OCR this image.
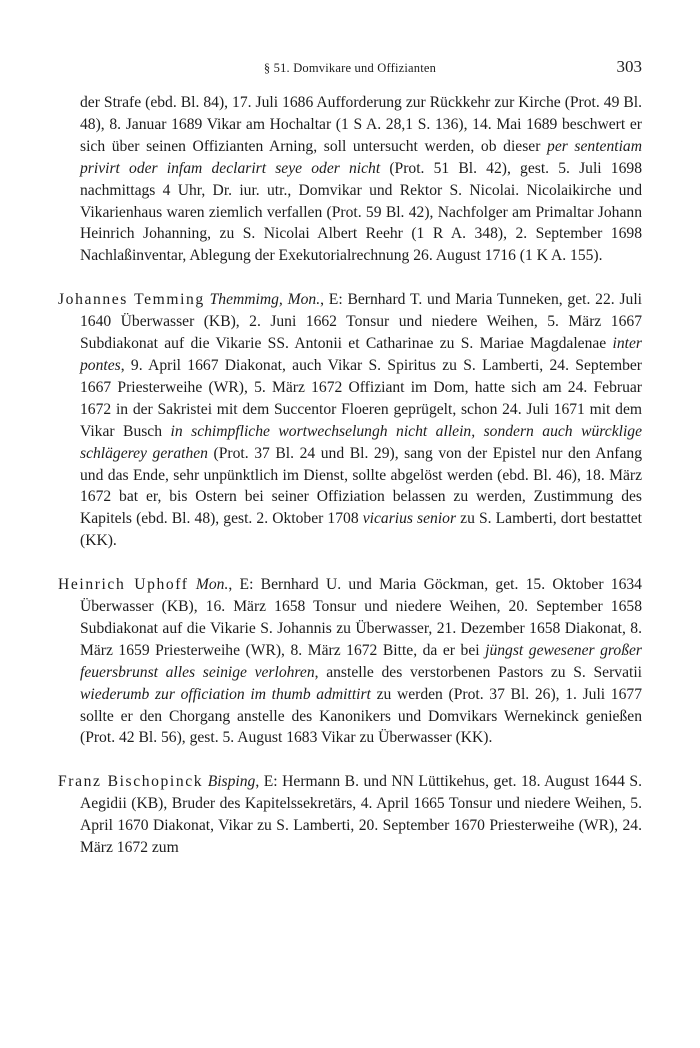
§ 51. Domvikare und Offizianten	303

der Strafe (ebd. Bl. 84), 17. Juli 1686 Aufforderung zur Rückkehr zur Kirche (Prot. 49 Bl. 48), 8. Januar 1689 Vikar am Hochaltar (1 S A. 28,1 S. 136), 14. Mai 1689 beschwert er sich über seinen Offizianten Arning, soll untersucht werden, ob dieser per sententiam privirt oder infam declarirt seye oder nicht (Prot. 51 Bl. 42), gest. 5. Juli 1698 nachmittags 4 Uhr, Dr. iur. utr., Domvikar und Rektor S. Nicolai. Nicolaikirche und Vikarienhaus waren ziemlich verfallen (Prot. 59 Bl. 42), Nachfolger am Primaltar Johann Heinrich Johanning, zu S. Nicolai Albert Reehr (1 R A. 348), 2. September 1698 Nachlaßinventar, Ablegung der Exekutorialrechnung 26. August 1716 (1 K A. 155).

Johannes Temming Themmimg, Mon., E: Bernhard T. und Maria Tunneken, get. 22. Juli 1640 Überwasser (KB), 2. Juni 1662 Tonsur und niedere Weihen, 5. März 1667 Subdiakonat auf die Vikarie SS. Antonii et Catharinae zu S. Mariae Magdalenae inter pontes, 9. April 1667 Diakonat, auch Vikar S. Spiritus zu S. Lamberti, 24. September 1667 Priesterweihe (WR), 5. März 1672 Offiziant im Dom, hatte sich am 24. Februar 1672 in der Sakristei mit dem Succentor Floeren geprügelt, schon 24. Juli 1671 mit dem Vikar Busch in schimpfliche wortwechselungh nicht allein, sondern auch würcklige schlägerey gerathen (Prot. 37 Bl. 24 und Bl. 29), sang von der Epistel nur den Anfang und das Ende, sehr unpünktlich im Dienst, sollte abgelöst werden (ebd. Bl. 46), 18. März 1672 bat er, bis Ostern bei seiner Offiziation belassen zu werden, Zustimmung des Kapitels (ebd. Bl. 48), gest. 2. Oktober 1708 vicarius senior zu S. Lamberti, dort bestattet (KK).

Heinrich Uphoff Mon., E: Bernhard U. und Maria Göckman, get. 15. Oktober 1634 Überwasser (KB), 16. März 1658 Tonsur und niedere Weihen, 20. September 1658 Subdiakonat auf die Vikarie S. Johannis zu Überwasser, 21. Dezember 1658 Diakonat, 8. März 1659 Priesterweihe (WR), 8. März 1672 Bitte, da er bei jüngst gewesener großer feuersbrunst alles seinige verlohren, anstelle des verstorbenen Pastors zu S. Servatii wiederumb zur officiation im thumb admittirt zu werden (Prot. 37 Bl. 26), 1. Juli 1677 sollte er den Chorgang anstelle des Kanonikers und Domvikars Wernekinck genießen (Prot. 42 Bl. 56), gest. 5. August 1683 Vikar zu Überwasser (KK).

Franz Bischopinck Bisping, E: Hermann B. und NN Lüttikehus, get. 18. August 1644 S. Aegidii (KB), Bruder des Kapitelssekretärs, 4. April 1665 Tonsur und niedere Weihen, 5. April 1670 Diakonat, Vikar zu S. Lamberti, 20. September 1670 Priesterweihe (WR), 24. März 1672 zum
